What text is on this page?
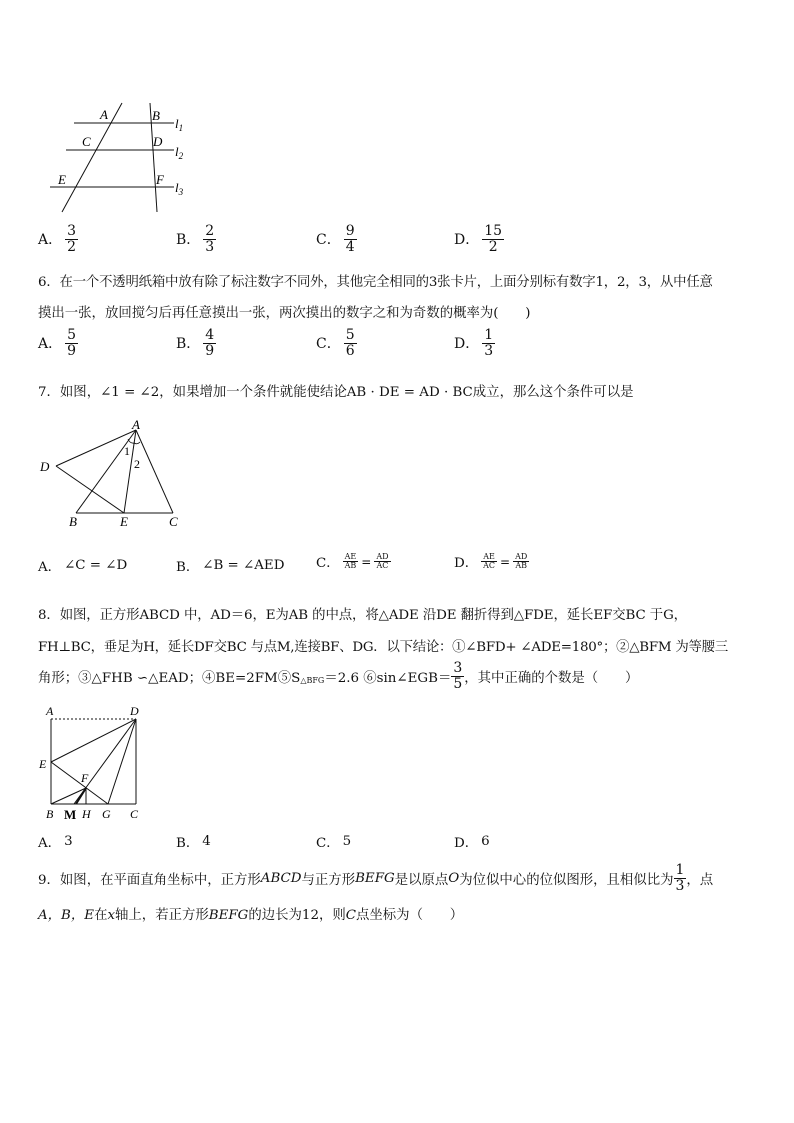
A	B
C	D
E	F
$l_1$
$l_2$
$l_3$
A． $\frac{3}{2}$	B． $\frac{2}{3}$	C． $\frac{9}{4}$	D． $\frac{15}{2}$
6．在一个不透明纸箱中放有除了标注数字不同外，其他完全相同的3张卡片，上面分别标有数字1，2，3，从中任意
摸出一张，放回搅匀后再任意摸出一张，两次摸出的数字之和为奇数的概率为(　　)
A． $\frac{5}{9}$	B． $\frac{4}{9}$	C． $\frac{5}{6}$	D． $\frac{1}{3}$
7．如图，∠1 = ∠2，如果增加一个条件就能使结论AB · DE = AD · BC成立，那么这个条件可以是
A
D
B	E	C
1
2
A． ∠C = ∠D	B． ∠B = ∠AED C． $\frac{AE}{AB} = \frac{AD}{AC}$	D． $\frac{AE}{AC} = \frac{AD}{AB}$
8．如图，正方形ABCD 中，AD＝6，E为AB 的中点，将△ADE 沿DE 翻折得到△FDE，延长EF交BC 于G，
FH⊥BC，垂足为H，延长DF交BC 与点M,连接BF、DG．以下结论：①∠BFD+ ∠ADE=180°；②△BFM 为等腰三
角形；③△FHB ∽△EAD；$④BE=2FM⑤S_{\triangle BFG} =2.6$ ⑥sin∠EGB＝ $\frac{3}{5}$ ，其中正确的个数是（　　）
A	D
E
F
B M H G C
A． 3	B． 4	C． 5	D． 6
9．如图，在平面直角坐标中，正方形 ABCD 与正方形 BEFG 是以原点 O 为位似中心的位似图形，且相似比为 $\frac{1}{3}$ ，点
A，B，E在x轴上，若正方形BEFG的边长为12，则C点坐标为（　　）
